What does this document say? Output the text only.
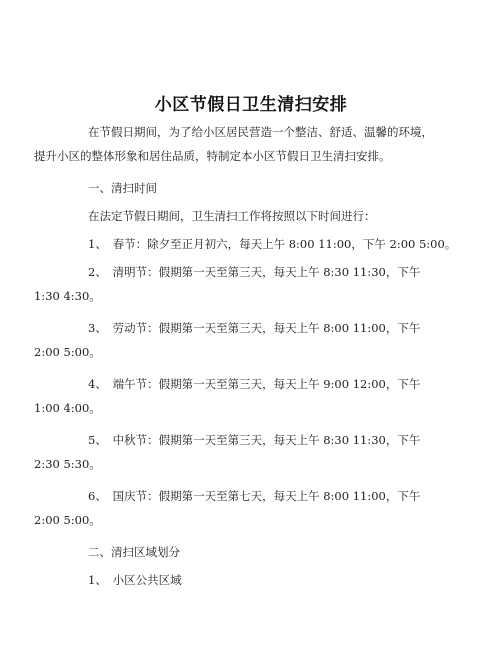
小区节假日卫生清扫安排
在节假日期间，为了给小区居民营造一个整洁、舒适、温馨的环境，
提升小区的整体形象和居住品质，特制定本小区节假日卫生清扫安排。
一、清扫时间
在法定节假日期间，卫生清扫工作将按照以下时间进行：
1、　春节：除夕至正月初六，每天上午 8:00 11:00，下午 2:00 5:00。
2、　清明节：假期第一天至第三天，每天上午 8:30 11:30，下午
1:30 4:30。
3、　劳动节：假期第一天至第三天，每天上午 8:00 11:00，下午
2:00 5:00。
4、　端午节：假期第一天至第三天，每天上午 9:00 12:00，下午
1:00 4:00。
5、　中秋节：假期第一天至第三天，每天上午 8:30 11:30，下午
2:30 5:30。
6、　国庆节：假期第一天至第七天，每天上午 8:00 11:00，下午
2:00 5:00。
二、清扫区域划分
1、　小区公共区域
